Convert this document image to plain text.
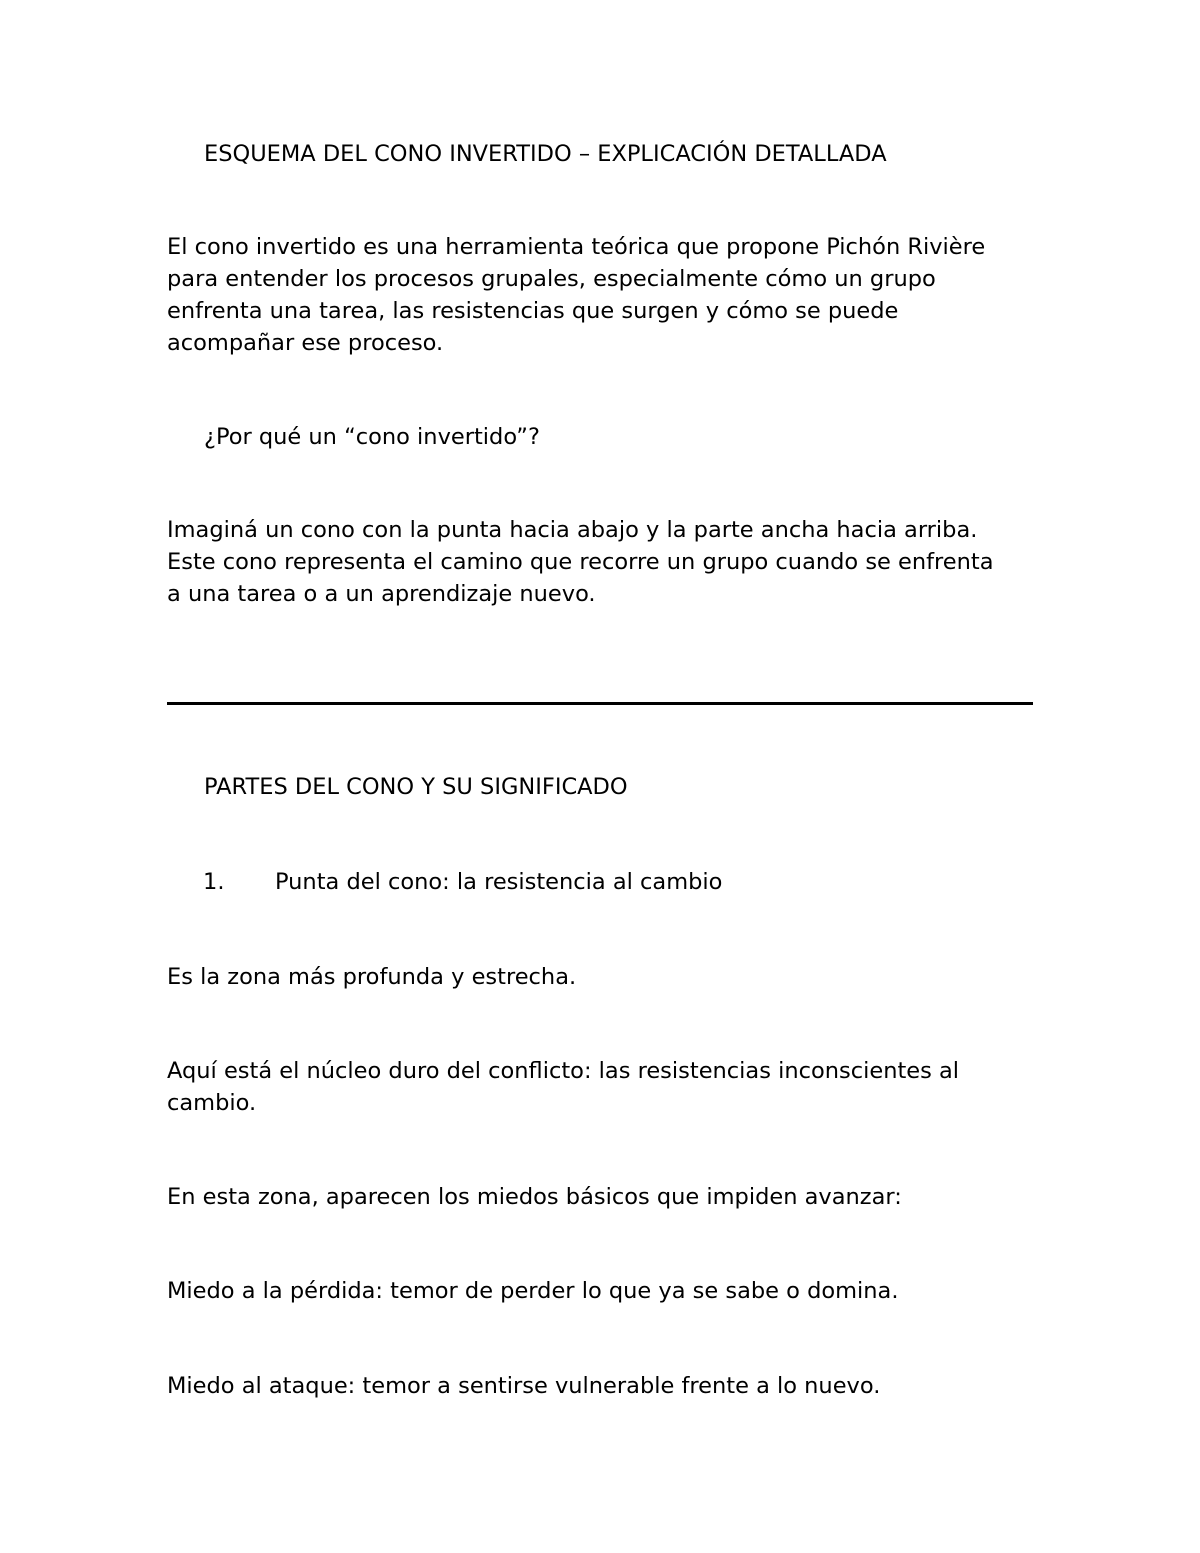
ESQUEMA DEL CONO INVERTIDO – EXPLICACIÓN DETALLADA

El cono invertido es una herramienta teórica que propone Pichón Rivière
para entender los procesos grupales, especialmente cómo un grupo
enfrenta una tarea, las resistencias que surgen y cómo se puede
acompañar ese proceso.

¿Por qué un “cono invertido”?

Imaginá un cono con la punta hacia abajo y la parte ancha hacia arriba.
Este cono representa el camino que recorre un grupo cuando se enfrenta
a una tarea o a un aprendizaje nuevo.

PARTES DEL CONO Y SU SIGNIFICADO
1. Punta del cono: la resistencia al cambio

Es la zona más profunda y estrecha.

Aquí está el núcleo duro del conflicto: las resistencias inconscientes al
cambio.

En esta zona, aparecen los miedos básicos que impiden avanzar:

Miedo a la pérdida: temor de perder lo que ya se sabe o domina.

Miedo al ataque: temor a sentirse vulnerable frente a lo nuevo.
